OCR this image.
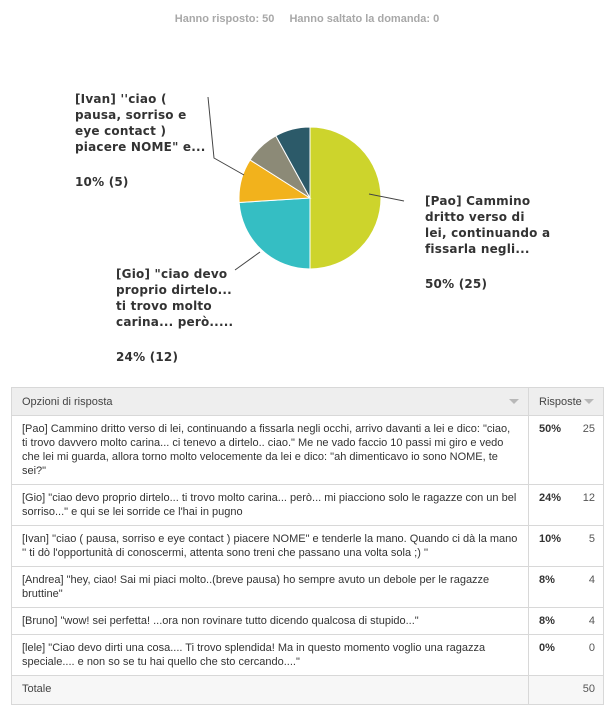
Hanno risposto: 50 Hanno saltato la domanda: 0
[Pao] Cammino
dritto verso di
lei, continuando a
fissarla negli...
50% (25)
[Gio] "ciao devo
proprio dirtelo...
ti trovo molto
carina... però.....
24% (12)
[Ivan] ''ciao (
pausa, sorriso e
eye contact )
piacere NOME" e...
10% (5)
Opzioni di risposta	Risposte

[Pao] Cammino dritto verso di lei, continuando a fissarla negli occhi, arrivo davanti a lei e dico: "ciao, ti trovo davvero molto carina... ci tenevo a dirtelo.. ciao." Me ne vado faccio 10 passi mi giro e vedo che lei mi guarda, allora torno molto velocemente da lei e dico: "ah dimenticavo io sono NOME, te sei?"	50% 25

[Gio] "ciao devo proprio dirtelo... ti trovo molto carina... però... mi piacciono solo le ragazze con un bel sorriso..." e qui se lei sorride ce l'hai in pugno	24% 12

[Ivan] ''ciao ( pausa, sorriso e eye contact ) piacere NOME" e tenderle la mano. Quando ci dà la mano '' ti dò l'opportunità di conoscermi, attenta sono treni che passano una volta sola ;) ''	10% 5

[Andrea] "hey, ciao! Sai mi piaci molto..(breve pausa) ho sempre avuto un debole per le ragazze bruttine"	8% 4

[Bruno] "wow! sei perfetta! ...ora non rovinare tutto dicendo qualcosa di stupido..."	8% 4

[lele] "Ciao devo dirti una cosa.... Ti trovo splendida! Ma in questo momento voglio una ragazza speciale.... e non so se tu hai quello che sto cercando...."	0% 0

Totale	50
